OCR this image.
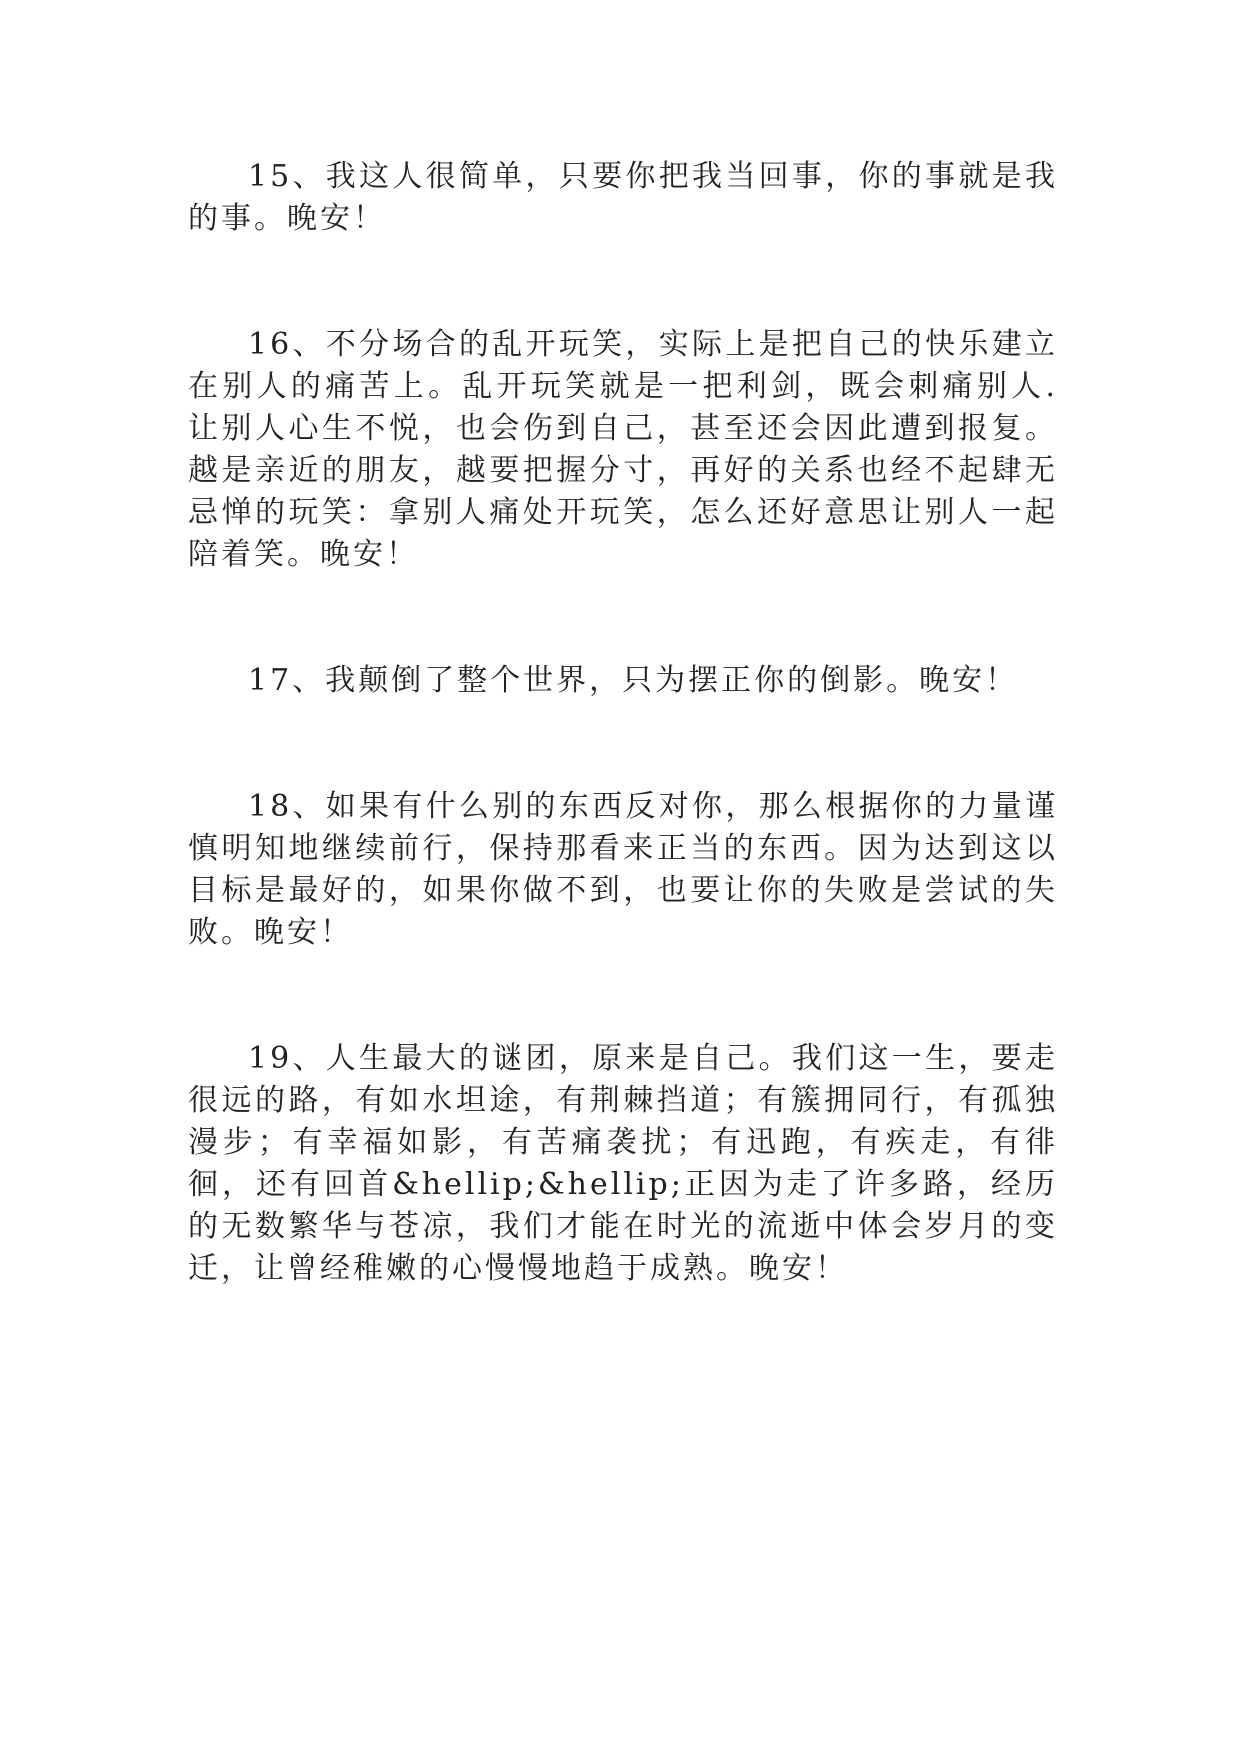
15、我这人很简单，只要你把我当回事，你的事就是我的事。晚安！

16、不分场合的乱开玩笑，实际上是把自己的快乐建立在别人的痛苦上。乱开玩笑就是一把利剑，既会刺痛别人.让别人心生不悦，也会伤到自己，甚至还会因此遭到报复。越是亲近的朋友，越要把握分寸，再好的关系也经不起肆无忌惮的玩笑：拿别人痛处开玩笑，怎么还好意思让别人一起陪着笑。晚安！

17、我颠倒了整个世界，只为摆正你的倒影。晚安！

18、如果有什么别的东西反对你，那么根据你的力量谨慎明知地继续前行，保持那看来正当的东西。因为达到这以目标是最好的，如果你做不到，也要让你的失败是尝试的失败。晚安！

19、人生最大的谜团，原来是自己。我们这一生，要走很远的路，有如水坦途，有荆棘挡道；有簇拥同行，有孤独漫步；有幸福如影，有苦痛袭扰；有迅跑，有疾走，有徘徊，还有回首&hellip;&hellip;正因为走了许多路，经历的无数繁华与苍凉，我们才能在时光的流逝中体会岁月的变迁，让曾经稚嫩的心慢慢地趋于成熟。晚安！
